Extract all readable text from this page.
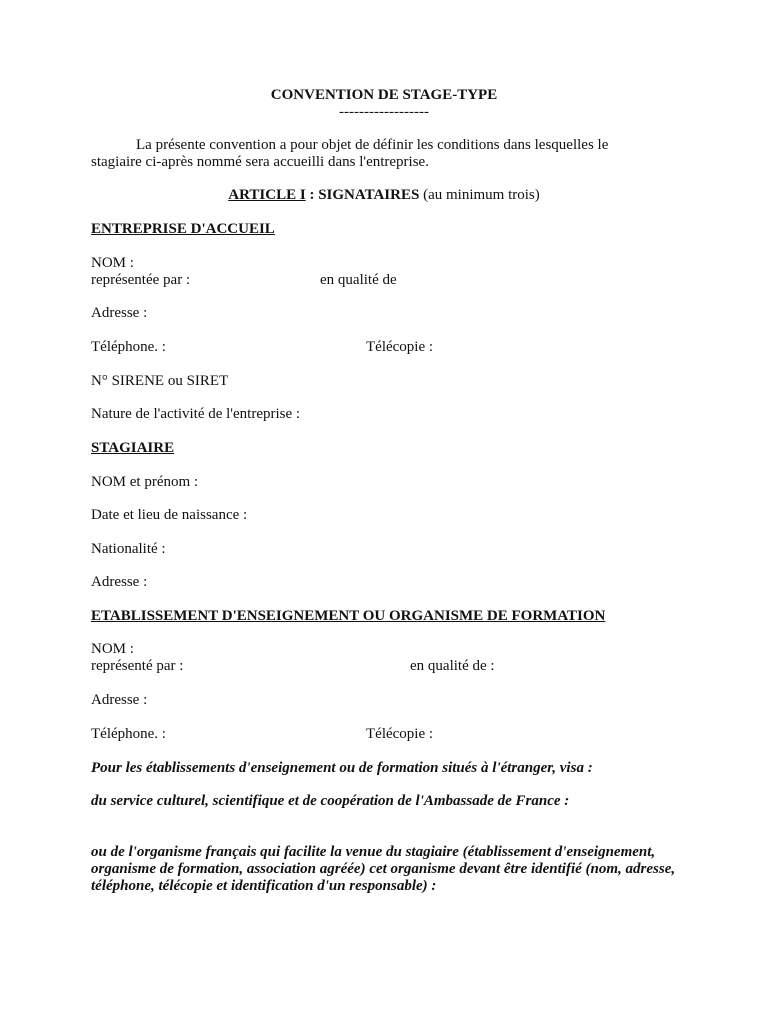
CONVENTION DE STAGE-TYPE
------------------
La présente convention a pour objet de définir les conditions dans lesquelles le
stagiaire ci-après nommé sera accueilli dans l'entreprise.
ARTICLE I : SIGNATAIRES (au minimum trois)
ENTREPRISE D'ACCUEIL
NOM :
représentée par :	en qualité de
Adresse :
Téléphone. :	Télécopie :
N° SIRENE ou SIRET
Nature de l'activité de l'entreprise :
STAGIAIRE
NOM et prénom :
Date et lieu de naissance :
Nationalité :
Adresse :
ETABLISSEMENT D'ENSEIGNEMENT OU ORGANISME DE FORMATION
NOM :
représenté par :	en qualité de :
Adresse :
Téléphone. :	Télécopie :
Pour les établissements d'enseignement ou de formation situés à l'étranger, visa :
du service culturel, scientifique et de coopération de l'Ambassade de France :
ou de l'organisme français qui facilite la venue du stagiaire (établissement d'enseignement,
organisme de formation, association agréée) cet organisme devant être identifié (nom, adresse,
téléphone, télécopie et identification d'un responsable) :
